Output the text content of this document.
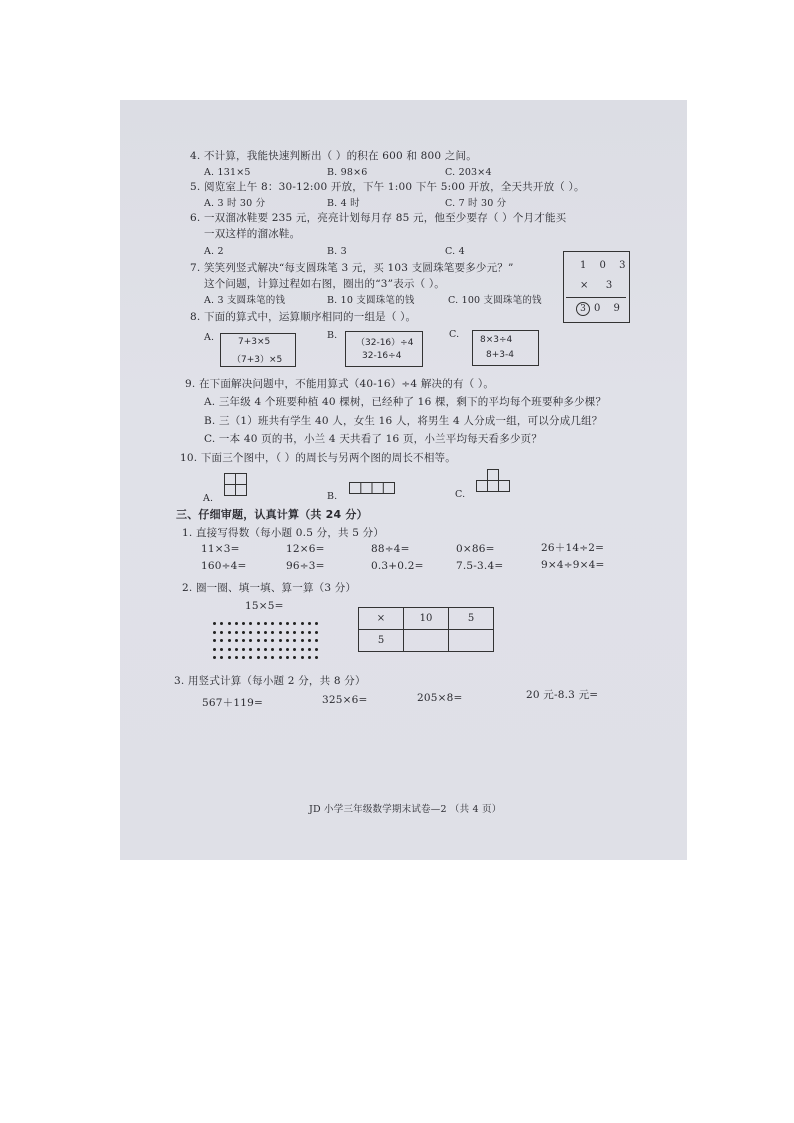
4. 不计算，我能快速判断出（ ）的积在 600 和 800 之间。
A. 131×5	B. 98×6	C. 203×4
5. 阅览室上午 8：30-12:00 开放，下午 1:00 下午 5:00 开放，全天共开放（ ）。
A. 3 时 30 分	B. 4 时	C. 7 时 30 分
6. 一双溜冰鞋要 235 元，亮亮计划每月存 85 元，他至少要存（ ）个月才能买
一双这样的溜冰鞋。
A. 2	B. 3	C. 4
7. 笑笑列竖式解决“每支圆珠笔 3 元，买 103 支圆珠笔要多少元？”
这个问题，计算过程如右图，圈出的“3”表示（ ）。
A. 3 支圆珠笔的钱	B. 10 支圆珠笔的钱	C. 100 支圆珠笔的钱
1 0 3
×   3
3 0 9
8. 下面的算式中，运算顺序相同的一组是（ ）。
A.	7+3×5
（7+3）×5
B.
（32-16）÷4
32-16÷4
C. 8×3÷4
8+3-4
9. 在下面解决问题中，不能用算式（40-16）÷4 解决的有（ ）。
A. 三年级 4 个班要种植 40 棵树，已经种了 16 棵，剩下的平均每个班要种多少棵？
B. 三（1）班共有学生 40 人，女生 16 人，将男生 4 人分成一组，可以分成几组？
C. 一本 40 页的书，小兰 4 天共看了 16 页，小兰平均每天看多少页？
10. 下面三个图中，（ ）的周长与另两个图的周长不相等。
A.	B.	C.
三、仔细审题，认真计算（共 24 分）
1. 直接写得数（每小题 0.5 分，共 5 分）
11×3=	12×6=	88÷4=	0×86=	26＋14÷2=
160÷4=	96÷3=	0.3+0.2=	7.5-3.4=	9×4÷9×4=
2. 圈一圈、填一填、算一算（3 分）
15×5=
×	10	5
5		
3. 用竖式计算（每小题 2 分，共 8 分）
567＋119=	325×6=	205×8=	20 元-8.3 元=
JD 小学三年级数学期末试卷—2 （共 4 页）
